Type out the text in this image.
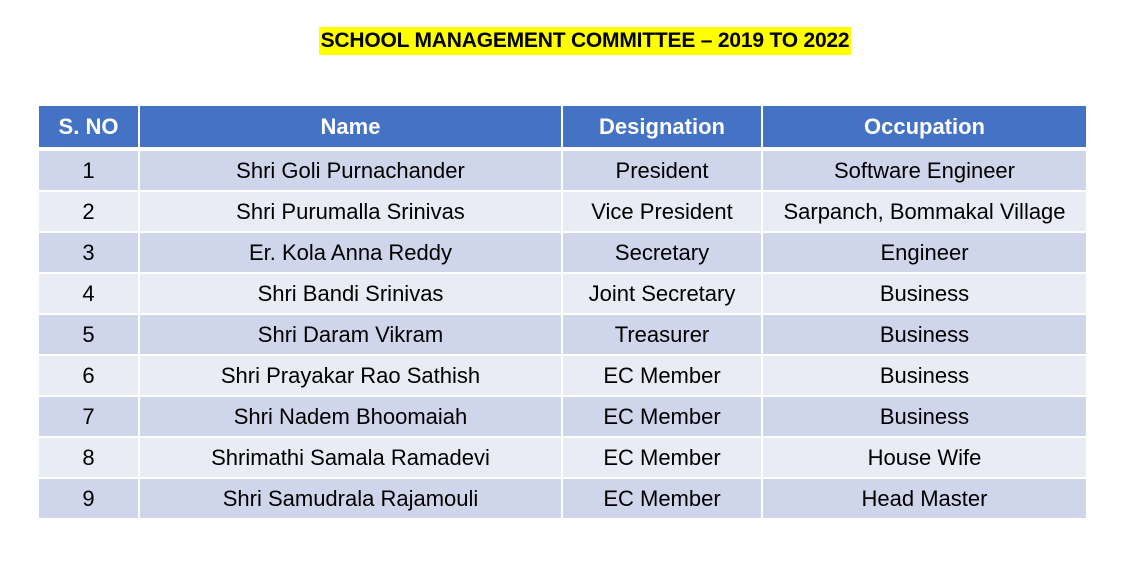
SCHOOL MANAGEMENT COMMITTEE – 2019 TO 2022
S. NO	Name	Designation	Occupation
1	Shri Goli Purnachander	President	Software Engineer
2	Shri Purumalla Srinivas	Vice President	Sarpanch, Bommakal Village
3	Er. Kola Anna Reddy	Secretary	Engineer
4	Shri Bandi Srinivas	Joint Secretary	Business
5	Shri Daram Vikram	Treasurer	Business
6	Shri Prayakar Rao Sathish	EC Member	Business
7	Shri Nadem Bhoomaiah	EC Member	Business
8	Shrimathi Samala Ramadevi	EC Member	House Wife
9	Shri Samudrala Rajamouli	EC Member	Head Master
